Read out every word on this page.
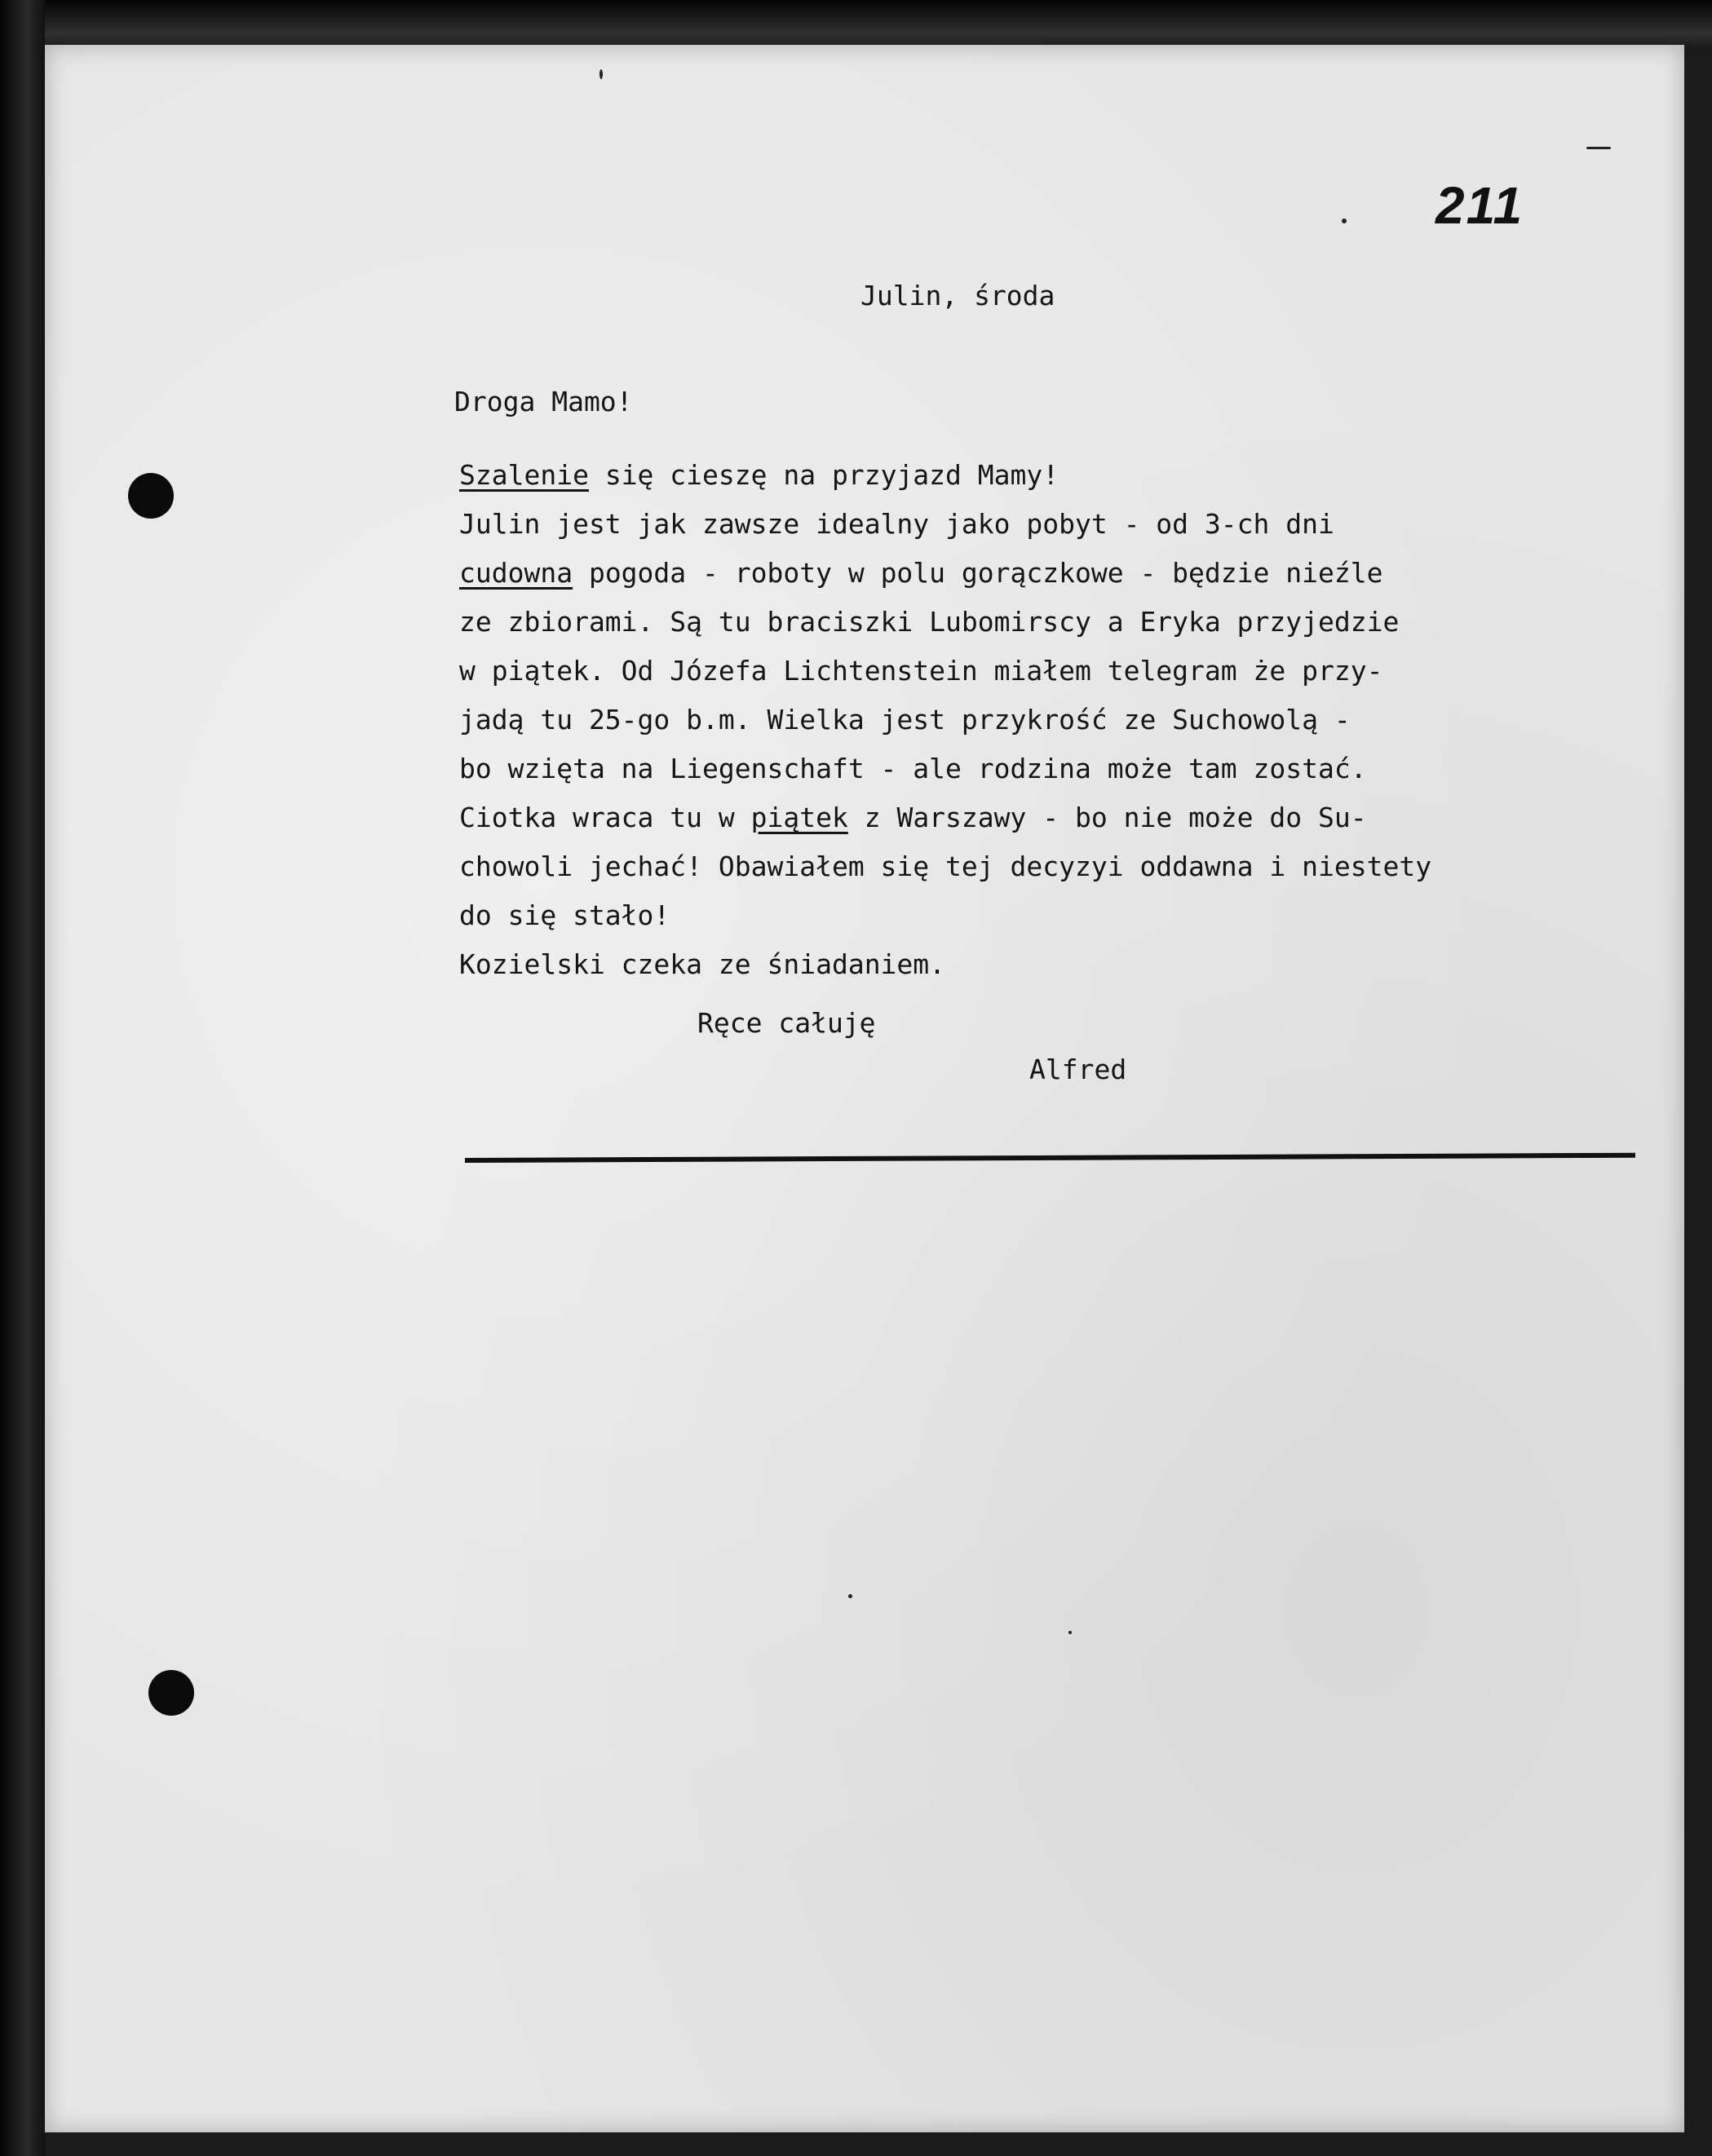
211

Julin, środa

Droga Mamo!

Szalenie się cieszę na przyjazd Mamy!
Julin jest jak zawsze idealny jako pobyt - od 3-ch dni
cudowna pogoda - roboty w polu gorączkowe - będzie nieźle
ze zbiorami. Są tu braciszki Lubomirscy a Eryka przyjedzie
w piątek. Od Józefa Lichtenstein miałem telegram że przy-
jadą tu 25-go b.m. Wielka jest przykrość ze Suchowolą -
bo wzięta na Liegenschaft - ale rodzina może tam zostać.
Ciotka wraca tu w piątek z Warszawy - bo nie może do Su-
chowoli jechać! Obawiałem się tej decyzyi oddawna i niestety
do się stało!
Kozielski czeka ze śniadaniem.

Ręce całuję

Alfred
